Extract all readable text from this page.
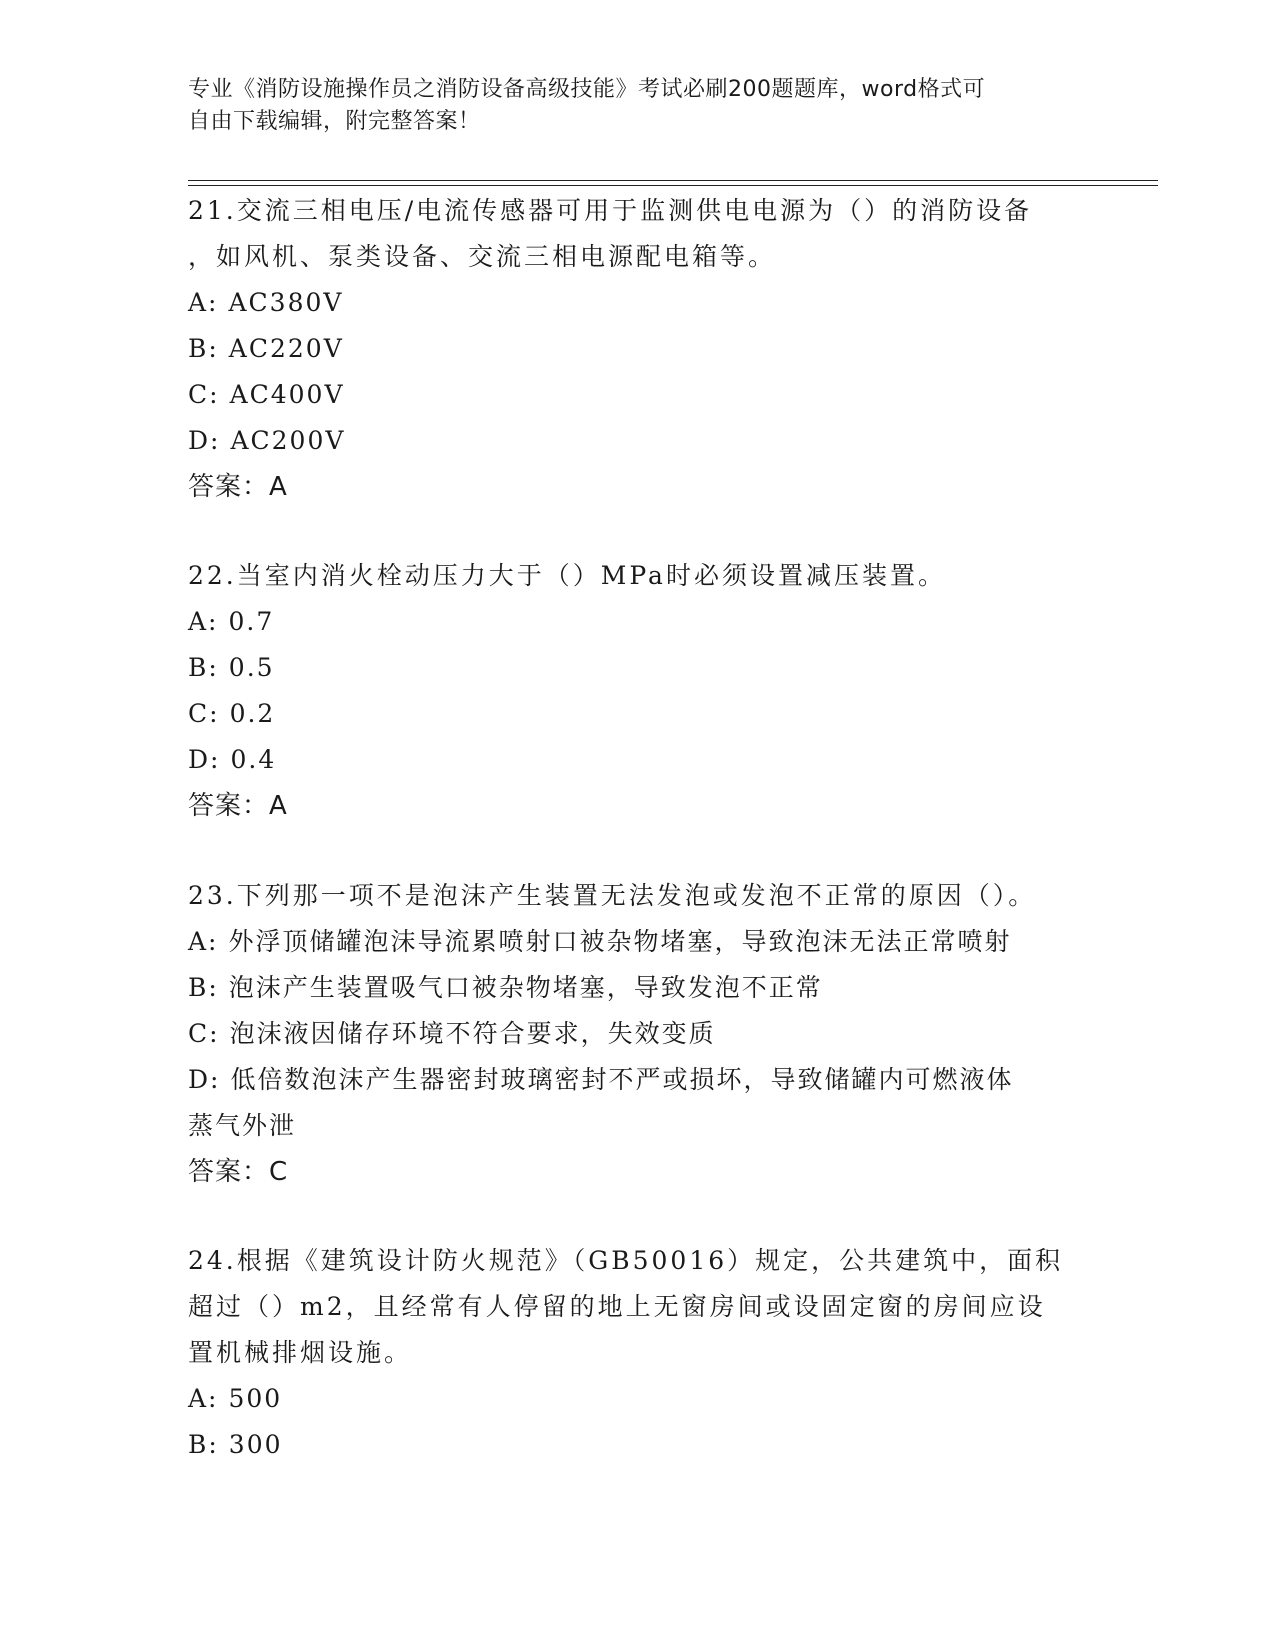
专业《消防设施操作员之消防设备高级技能》考试必刷200题题库，word格式可
自由下载编辑，附完整答案！

21.交流三相电压/电流传感器可用于监测供电电源为（）的消防设备

，如风机、泵类设备、交流三相电源配电箱等。

A: AC380V

B: AC220V

C: AC400V

D: AC200V

答案：A

22.当室内消火栓动压力大于（）MPa时必须设置减压装置。

A: 0.7

B: 0.5

C: 0.2

D: 0.4

答案：A

23.下列那一项不是泡沫产生装置无法发泡或发泡不正常的原因（）。

A: 外浮顶储罐泡沫导流累喷射口被杂物堵塞，导致泡沫无法正常喷射

B: 泡沫产生装置吸气口被杂物堵塞，导致发泡不正常

C: 泡沫液因储存环境不符合要求，失效变质

D: 低倍数泡沫产生器密封玻璃密封不严或损坏，导致储罐内可燃液体

蒸气外泄

答案：C

24.根据《建筑设计防火规范》（GB50016）规定，公共建筑中，面积

超过（）m2，且经常有人停留的地上无窗房间或设固定窗的房间应设

置机械排烟设施。

A: 500

B: 300
